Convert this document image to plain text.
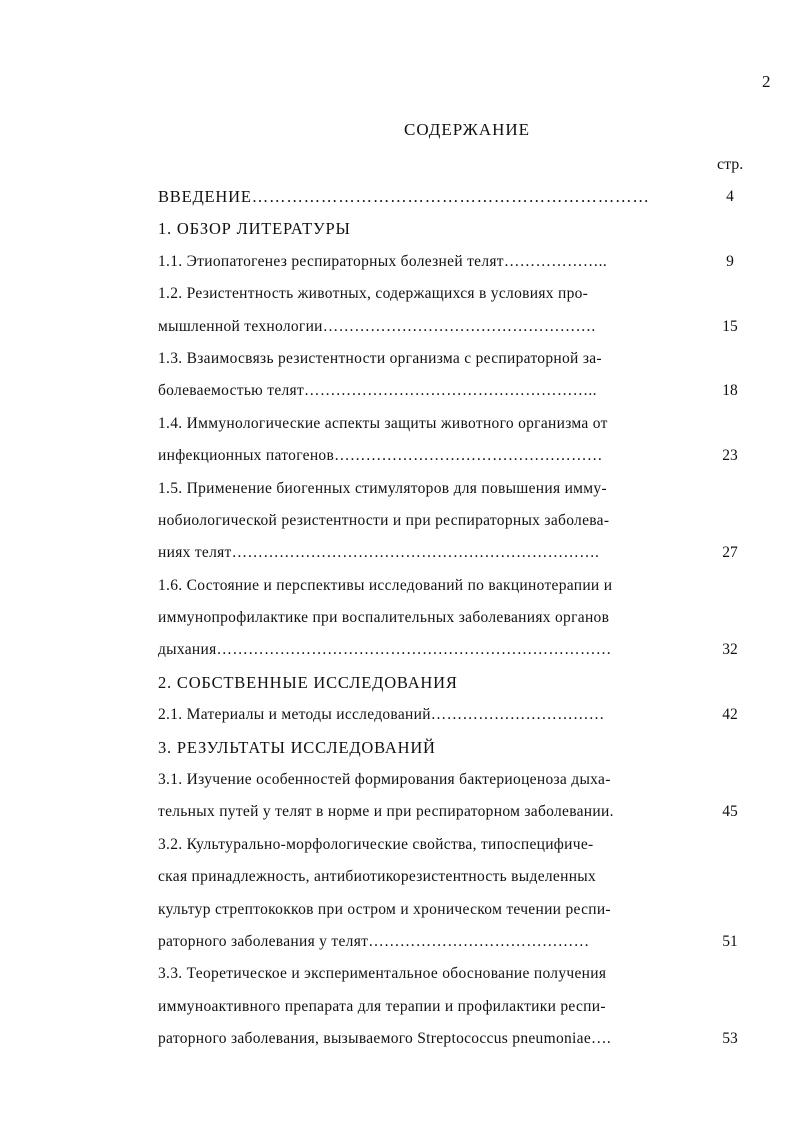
2
СОДЕРЖАНИЕ
стр.
ВВЕДЕНИЕ……………………………………………………………	4
1. ОБЗОР ЛИТЕРАТУРЫ
1.1. Этиопатогенез респираторных болезней телят………………..	9
1.2. Резистентность животных, содержащихся в условиях про-
мышленной технологии…………………………………………….	15
1.3. Взаимосвязь резистентности организма с респираторной за-
болеваемостью телят………………………………………………..	18
1.4. Иммунологические аспекты защиты животного организма от
инфекционных патогенов……………………………………………	23
1.5. Применение биогенных стимуляторов для повышения имму-
нобиологической резистентности и при респираторных заболева-
ниях телят…………………………………………………………….	27
1.6. Состояние и перспективы исследований по вакцинотерапии и
иммунопрофилактике при воспалительных заболеваниях органов
дыхания…………………………………………………………………	32
2. СОБСТВЕННЫЕ ИССЛЕДОВАНИЯ
2.1. Материалы и методы исследований……………………………	42
3. РЕЗУЛЬТАТЫ ИССЛЕДОВАНИЙ
3.1. Изучение особенностей формирования бактериоценоза дыха-
тельных путей у телят в норме и при респираторном заболевании.	45
3.2. Культурально-морфологические свойства, типоспецифиче-
ская принадлежность, антибиотикорезистентность выделенных
культур стрептококков при остром и хроническом течении респи-
раторного заболевания у телят……………………………………	51
3.3. Теоретическое и экспериментальное обоснование получения
иммуноактивного препарата для терапии и профилактики респи-
раторного заболевания, вызываемого Streptococcus pneumoniae….	53
